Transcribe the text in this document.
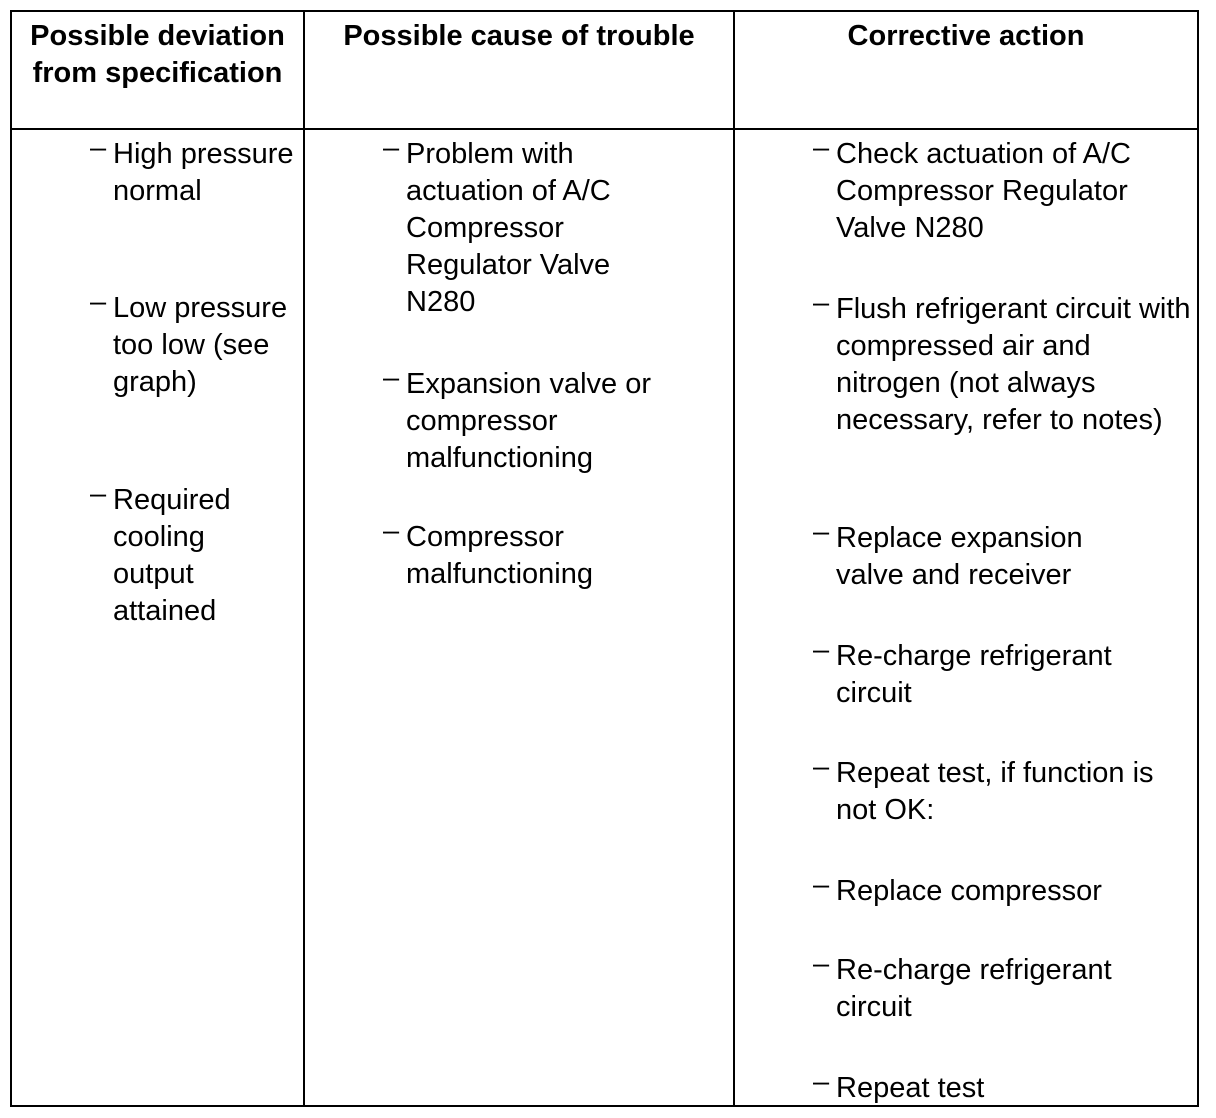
Possible deviation from specification
Possible cause of trouble	Corrective action
– High pressure normal
– Low pressure too low (see graph)
– Required cooling output attained
– Problem with actuation of A/C Compressor Regulator Valve N280
– Expansion valve or compressor malfunctioning
– Compressor malfunctioning
– Check actuation of A/C Compressor Regulator Valve N280
– Flush refrigerant circuit with compressed air and nitrogen (not always necessary, refer to notes)
– Replace expansion valve and receiver
– Re-charge refrigerant circuit
– Repeat test, if function is not OK:
– Replace compressor
– Re-charge refrigerant circuit
– Repeat test
